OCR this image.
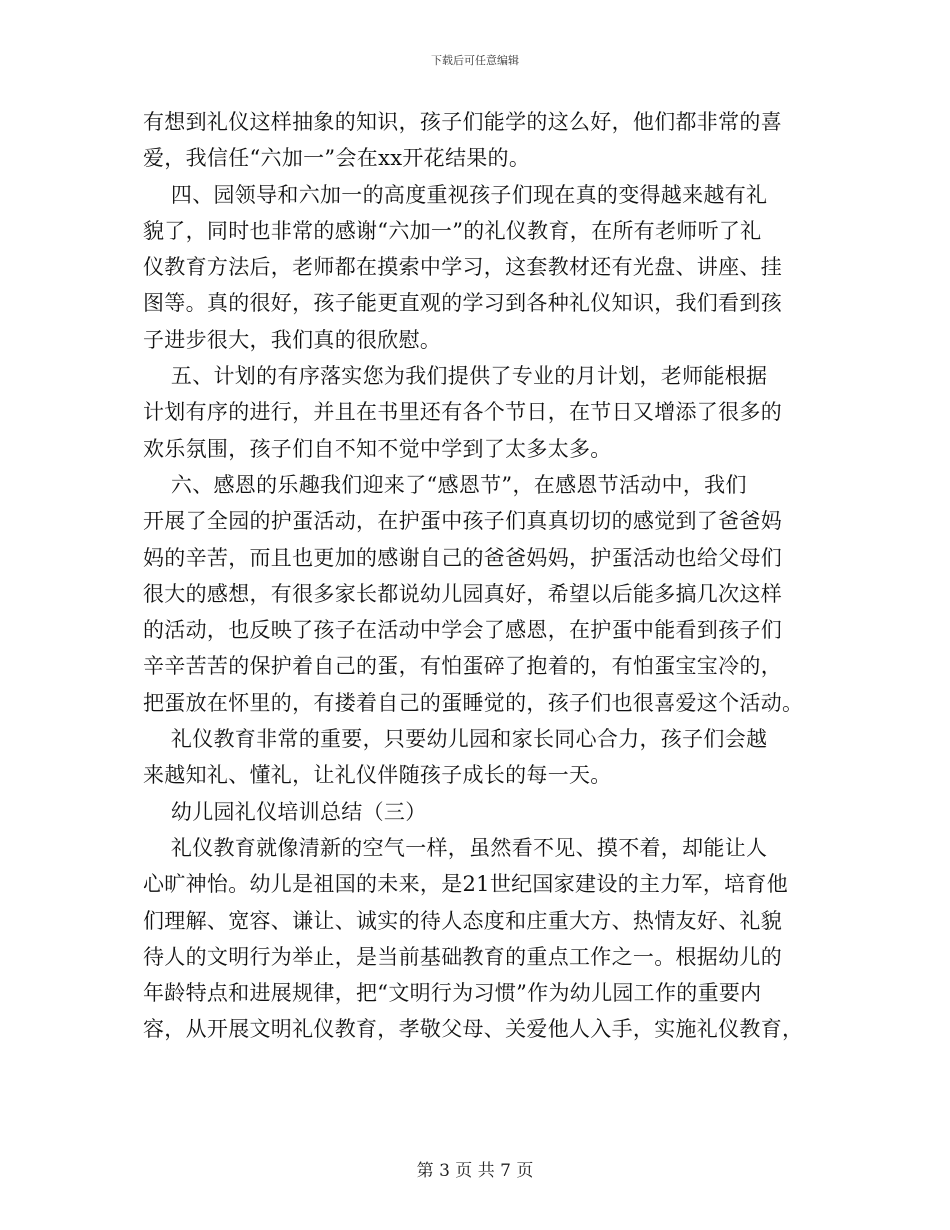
下载后可任意编辑

有想到礼仪这样抽象的知识，孩子们能学的这么好，他们都非常的喜

爱，我信任“六加一”会在xx开花结果的。

四、园领导和六加一的高度重视孩子们现在真的变得越来越有礼

貌了，同时也非常的感谢“六加一”的礼仪教育，在所有老师听了礼

仪教育方法后，老师都在摸索中学习，这套教材还有光盘、讲座、挂

图等。真的很好，孩子能更直观的学习到各种礼仪知识，我们看到孩

子进步很大，我们真的很欣慰。

五、计划的有序落实您为我们提供了专业的月计划，老师能根据

计划有序的进行，并且在书里还有各个节日，在节日又增添了很多的

欢乐氛围，孩子们自不知不觉中学到了太多太多。

六、感恩的乐趣我们迎来了“感恩节”，在感恩节活动中，我们

开展了全园的护蛋活动，在护蛋中孩子们真真切切的感觉到了爸爸妈

妈的辛苦，而且也更加的感谢自己的爸爸妈妈，护蛋活动也给父母们

很大的感想，有很多家长都说幼儿园真好，希望以后能多搞几次这样

的活动，也反映了孩子在活动中学会了感恩，在护蛋中能看到孩子们

辛辛苦苦的保护着自己的蛋，有怕蛋碎了抱着的，有怕蛋宝宝冷的，

把蛋放在怀里的，有搂着自己的蛋睡觉的，孩子们也很喜爱这个活动。

礼仪教育非常的重要，只要幼儿园和家长同心合力，孩子们会越

来越知礼、懂礼，让礼仪伴随孩子成长的每一天。

幼儿园礼仪培训总结（三）

礼仪教育就像清新的空气一样，虽然看不见、摸不着，却能让人

心旷神怡。幼儿是祖国的未来，是21世纪国家建设的主力军，培育他

们理解、宽容、谦让、诚实的待人态度和庄重大方、热情友好、礼貌

待人的文明行为举止，是当前基础教育的重点工作之一。根据幼儿的

年龄特点和进展规律，把“文明行为习惯”作为幼儿园工作的重要内

容，从开展文明礼仪教育，孝敬父母、关爱他人入手，实施礼仪教育，

第 3 页 共 7 页
